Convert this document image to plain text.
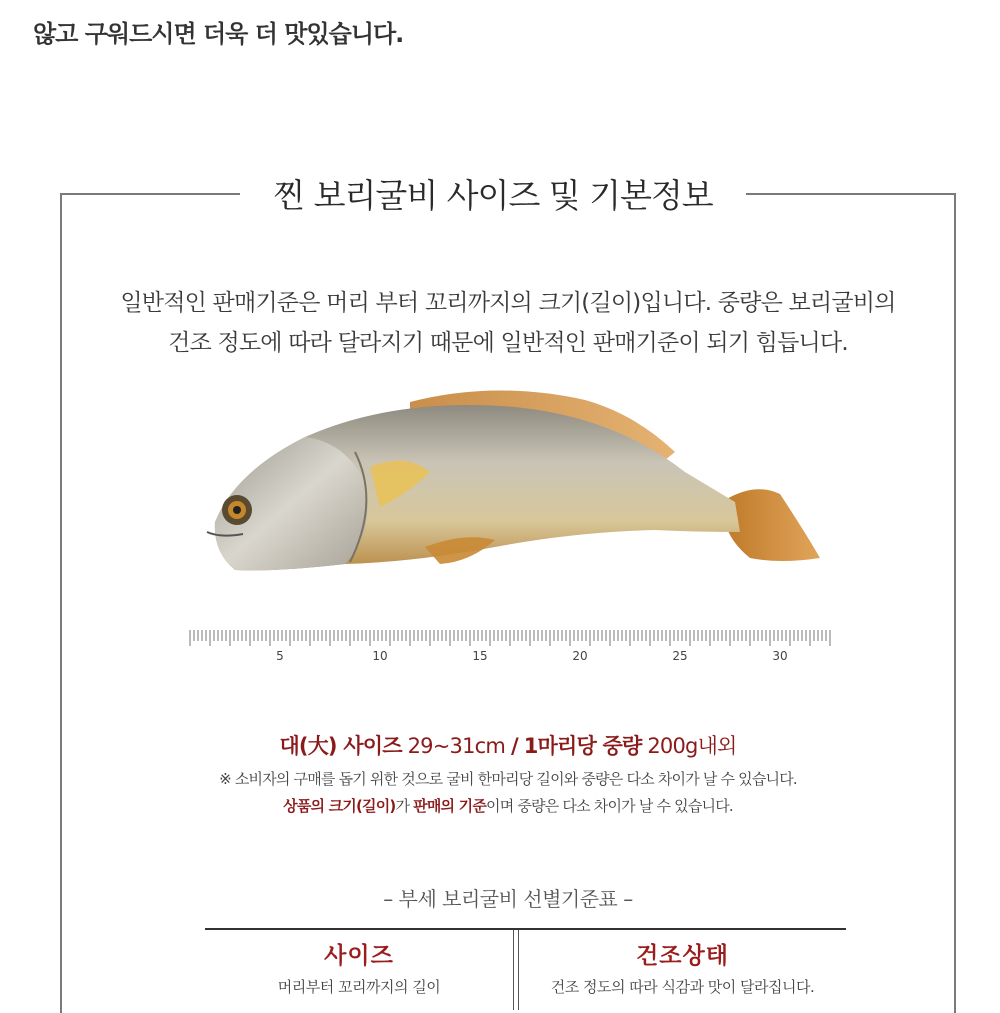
않고 구워드시면 더욱 더 맛있습니다.
찐 보리굴비 사이즈 및 기본정보
일반적인 판매기준은 머리 부터 꼬리까지의 크기(길이)입니다. 중량은 보리굴비의
건조 정도에 따라 달라지기 때문에 일반적인 판매기준이 되기 힘듭니다.
5	10	15	20	25	30
대(大) 사이즈 29~31cm / 1마리당 중량 200g내외
※ 소비자의 구매를 돕기 위한 것으로 굴비 한마리당 길이와 중량은 다소 차이가 날 수 있습니다.
상품의 크기(길이)가 판매의 기준이며 중량은 다소 차이가 날 수 있습니다.
– 부세 보리굴비 선별기준표 –
사이즈	건조상태
머리부터 꼬리까지의 길이	건조 정도의 따라 식감과 맛이 달라집니다.
